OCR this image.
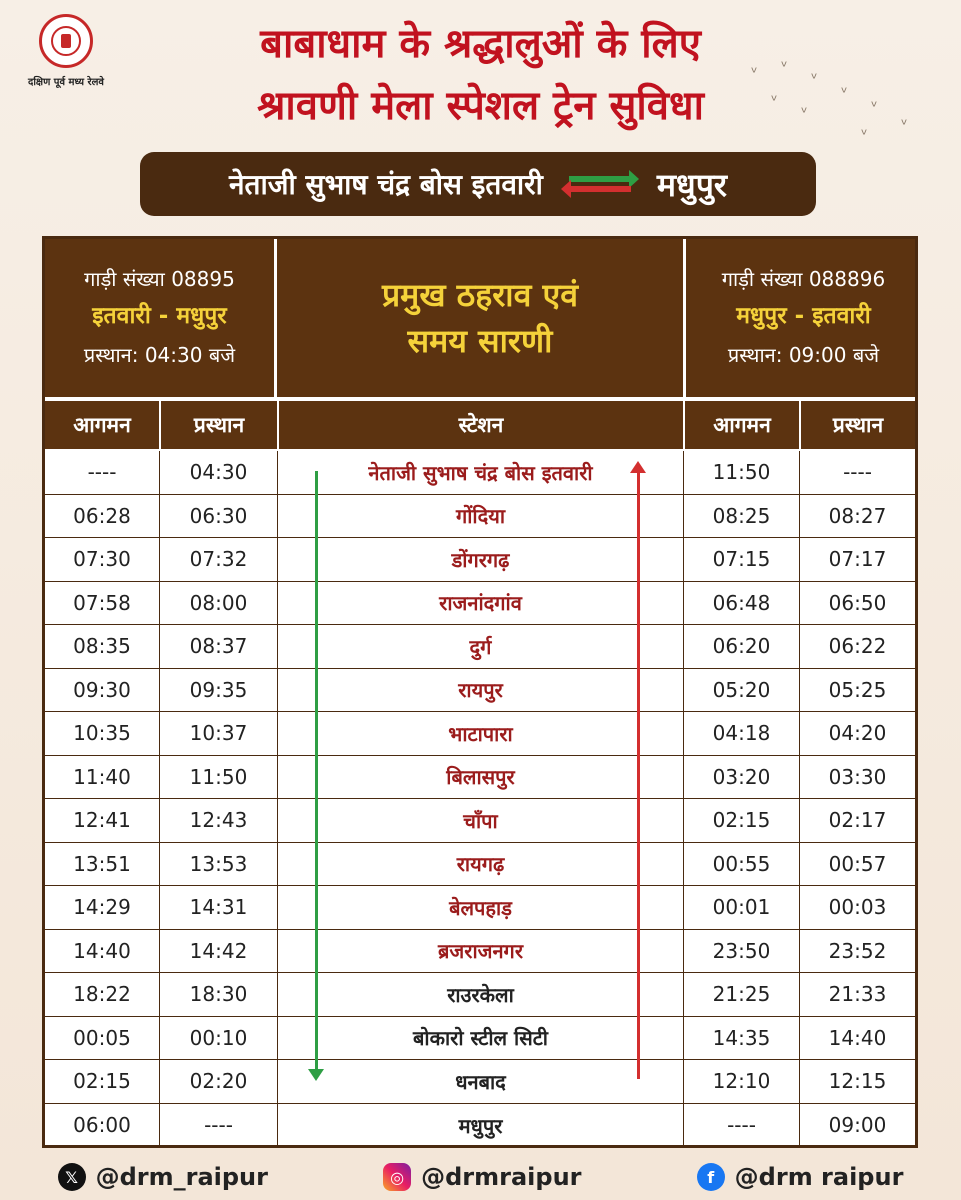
दक्षिण पूर्व मध्य रेलवे
बाबाधाम के श्रद्धालुओं के लिए
श्रावणी मेला स्पेशल ट्रेन सुविधा
ᵛ ᵛ
ᵛ
ᵛ
ᵛ
ᵛ	ᵛ
ᵛ
ᵛ
नेताजी सुभाष चंद्र बोस इतवारी	मधुपुर
गाड़ी संख्या 08895
इतवारी - मधुपुर
प्रस्थान: 04:30 बजे
प्रमुख ठहराव एवं
समय सारणी
गाड़ी संख्या 088896
मधुपुर - इतवारी
प्रस्थान: 09:00 बजे
आगमन	प्रस्थान	स्टेशन	आगमन	प्रस्थान
----	04:30	नेताजी सुभाष चंद्र बोस इतवारी	11:50	----
06:28	06:30	गोंदिया	08:25	08:27
07:30	07:32	डोंगरगढ़	07:15	07:17
07:58	08:00	राजनांदगांव	06:48	06:50
08:35	08:37	दुर्ग	06:20	06:22
09:30	09:35	रायपुर	05:20	05:25
10:35	10:37	भाटापारा	04:18	04:20
11:40	11:50	बिलासपुर	03:20	03:30
12:41	12:43	चाँपा	02:15	02:17
13:51	13:53	रायगढ़	00:55	00:57
14:29	14:31	बेलपहाड़	00:01	00:03
14:40	14:42	ब्रजराजनगर	23:50	23:52
18:22	18:30	राउरकेला	21:25	21:33
00:05	00:10	बोकारो स्टील सिटी	14:35	14:40
02:15	02:20	धनबाद	12:10	12:15
06:00	----	मधुपुर	----	09:00
𝕏 @drm_raipur	◎ @drmraipur	f @drm raipur
